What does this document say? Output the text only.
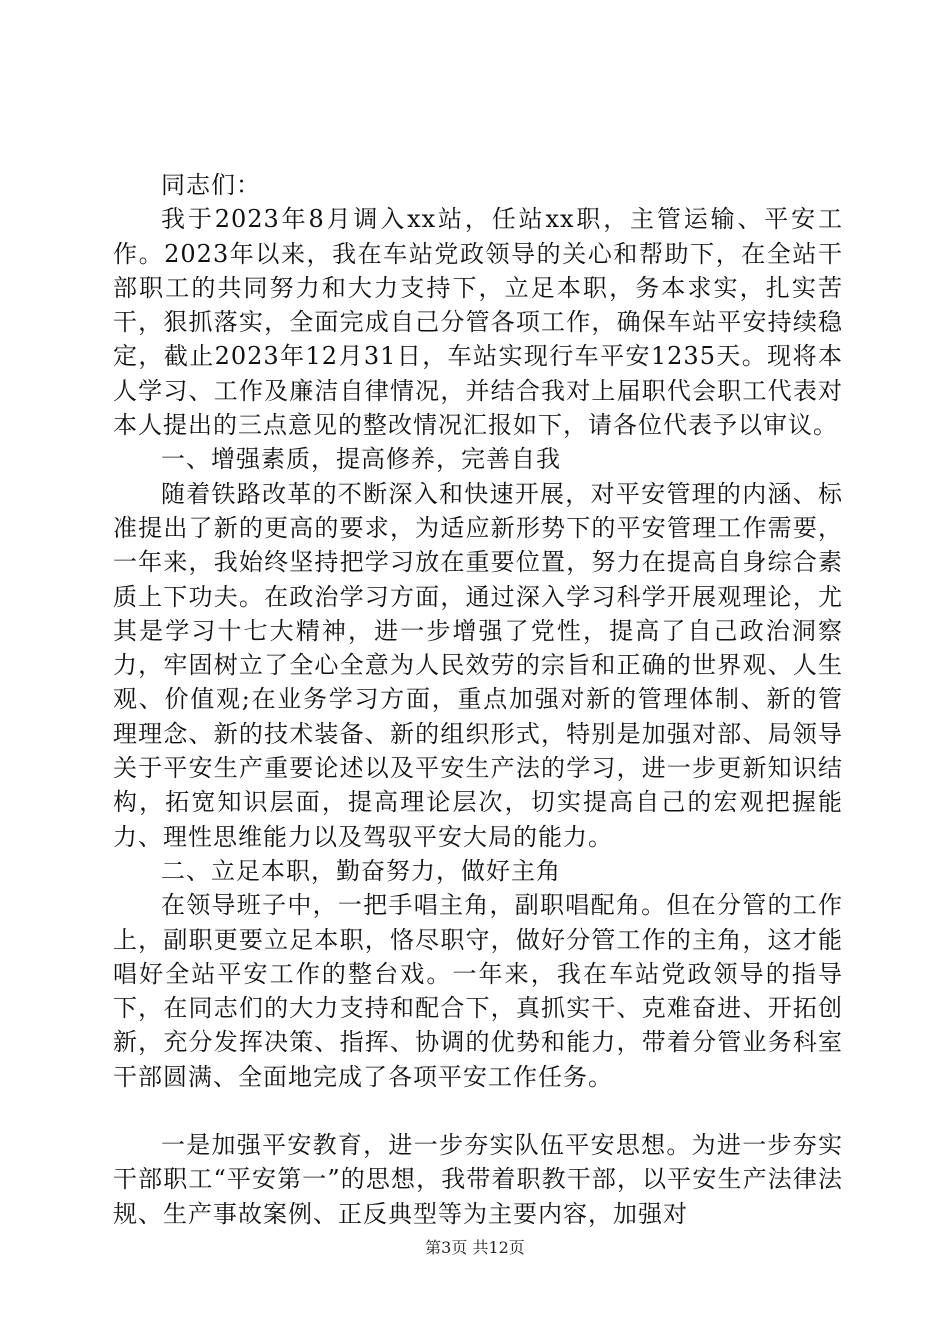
同志们：

我于2023年8月调入xx站，任站xx职，主管运输、平安工作。2023年以来，我在车站党政领导的关心和帮助下，在全站干部职工的共同努力和大力支持下，立足本职，务本求实，扎实苦干，狠抓落实，全面完成自己分管各项工作，确保车站平安持续稳定，截止2023年12月31日，车站实现行车平安1235天。现将本人学习、工作及廉洁自律情况，并结合我对上届职代会职工代表对本人提出的三点意见的整改情况汇报如下，请各位代表予以审议。

一、增强素质，提高修养，完善自我

随着铁路改革的不断深入和快速开展，对平安管理的内涵、标准提出了新的更高的要求，为适应新形势下的平安管理工作需要，一年来，我始终坚持把学习放在重要位置，努力在提高自身综合素质上下功夫。在政治学习方面，通过深入学习科学开展观理论，尤其是学习十七大精神，进一步增强了党性，提高了自己政治洞察力，牢固树立了全心全意为人民效劳的宗旨和正确的世界观、人生观、价值观;在业务学习方面，重点加强对新的管理体制、新的管理理念、新的技术装备、新的组织形式，特别是加强对部、局领导关于平安生产重要论述以及平安生产法的学习，进一步更新知识结构，拓宽知识层面，提高理论层次，切实提高自己的宏观把握能力、理性思维能力以及驾驭平安大局的能力。

二、立足本职，勤奋努力，做好主角

在领导班子中，一把手唱主角，副职唱配角。但在分管的工作上，副职更要立足本职，恪尽职守，做好分管工作的主角，这才能唱好全站平安工作的整台戏。一年来，我在车站党政领导的指导下，在同志们的大力支持和配合下，真抓实干、克难奋进、开拓创新，充分发挥决策、指挥、协调的优势和能力，带着分管业务科室干部圆满、全面地完成了各项平安工作任务。

一是加强平安教育，进一步夯实队伍平安思想。为进一步夯实干部职工“平安第一”的思想，我带着职教干部，以平安生产法律法规、生产事故案例、正反典型等为主要内容，加强对

第3页 共12页
